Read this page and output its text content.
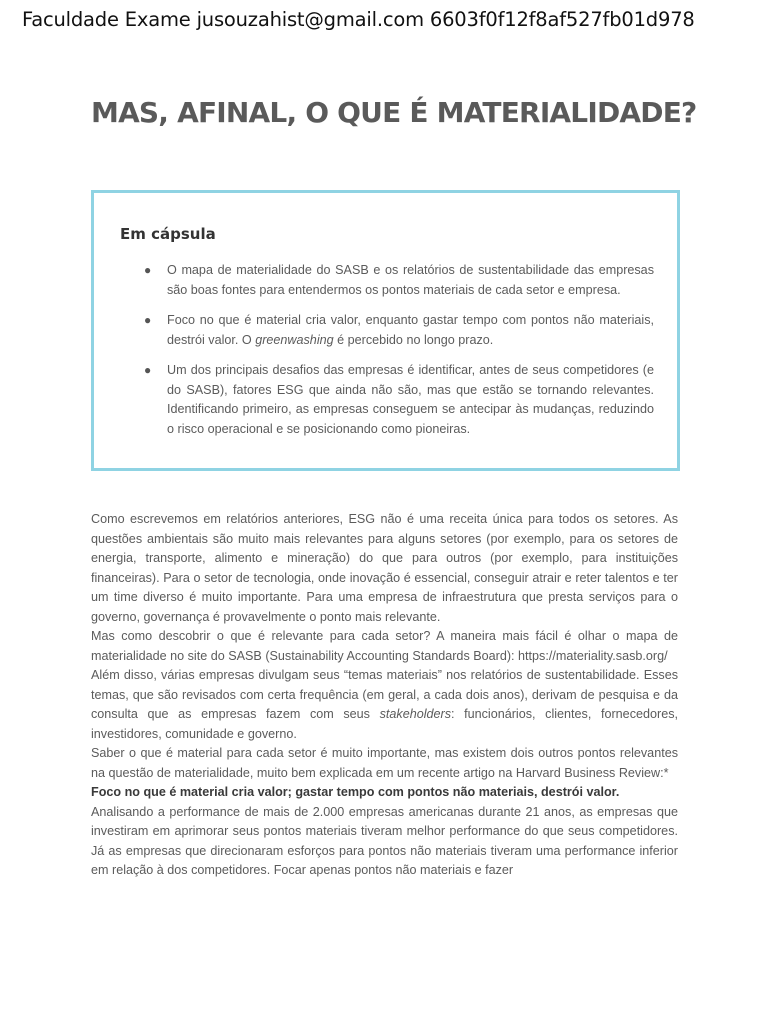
Faculdade Exame jusouzahist@gmail.com 6603f0f12f8af527fb01d978
MAS, AFINAL, O QUE É MATERIALIDADE?
Em cápsula
● O mapa de materialidade do SASB e os relatórios de sustentabilidade das empresas são boas fontes para entendermos os pontos materiais de cada setor e empresa.
● Foco no que é material cria valor, enquanto gastar tempo com pontos não materiais, destrói valor. O greenwashing é percebido no longo prazo.
● Um dos principais desafios das empresas é identificar, antes de seus competidores (e do SASB), fatores ESG que ainda não são, mas que estão se tornando relevantes. Identificando primeiro, as empresas conseguem se antecipar às mudanças, reduzindo o risco operacional e se posicionando como pioneiras.

Como escrevemos em relatórios anteriores, ESG não é uma receita única para todos os setores. As questões ambientais são muito mais relevantes para alguns setores (por exemplo, para os setores de energia, transporte, alimento e mineração) do que para outros (por exemplo, para instituições financeiras). Para o setor de tecnologia, onde inovação é essencial, conseguir atrair e reter talentos e ter um time diverso é muito importante. Para uma empresa de infraestrutura que presta serviços para o governo, governança é provavelmente o ponto mais relevante.

Mas como descobrir o que é relevante para cada setor? A maneira mais fácil é olhar o mapa de materialidade no site do SASB (Sustainability Accounting Standards Board): https://materiality.sasb.org/

Além disso, várias empresas divulgam seus “temas materiais” nos relatórios de sustentabilidade. Esses temas, que são revisados com certa frequência (em geral, a cada dois anos), derivam de pesquisa e da consulta que as empresas fazem com seus stakeholders: funcionários, clientes, fornecedores, investidores, comunidade e governo.

Saber o que é material para cada setor é muito importante, mas existem dois outros pontos relevantes na questão de materialidade, muito bem explicada em um recente artigo na Harvard Business Review:*

Foco no que é material cria valor; gastar tempo com pontos não materiais, destrói valor.

Analisando a performance de mais de 2.000 empresas americanas durante 21 anos, as empresas que investiram em aprimorar seus pontos materiais tiveram melhor performance do que seus competidores. Já as empresas que direcionaram esforços para pontos não materiais tiveram uma performance inferior em relação à dos competidores. Focar apenas pontos não materiais e fazer
